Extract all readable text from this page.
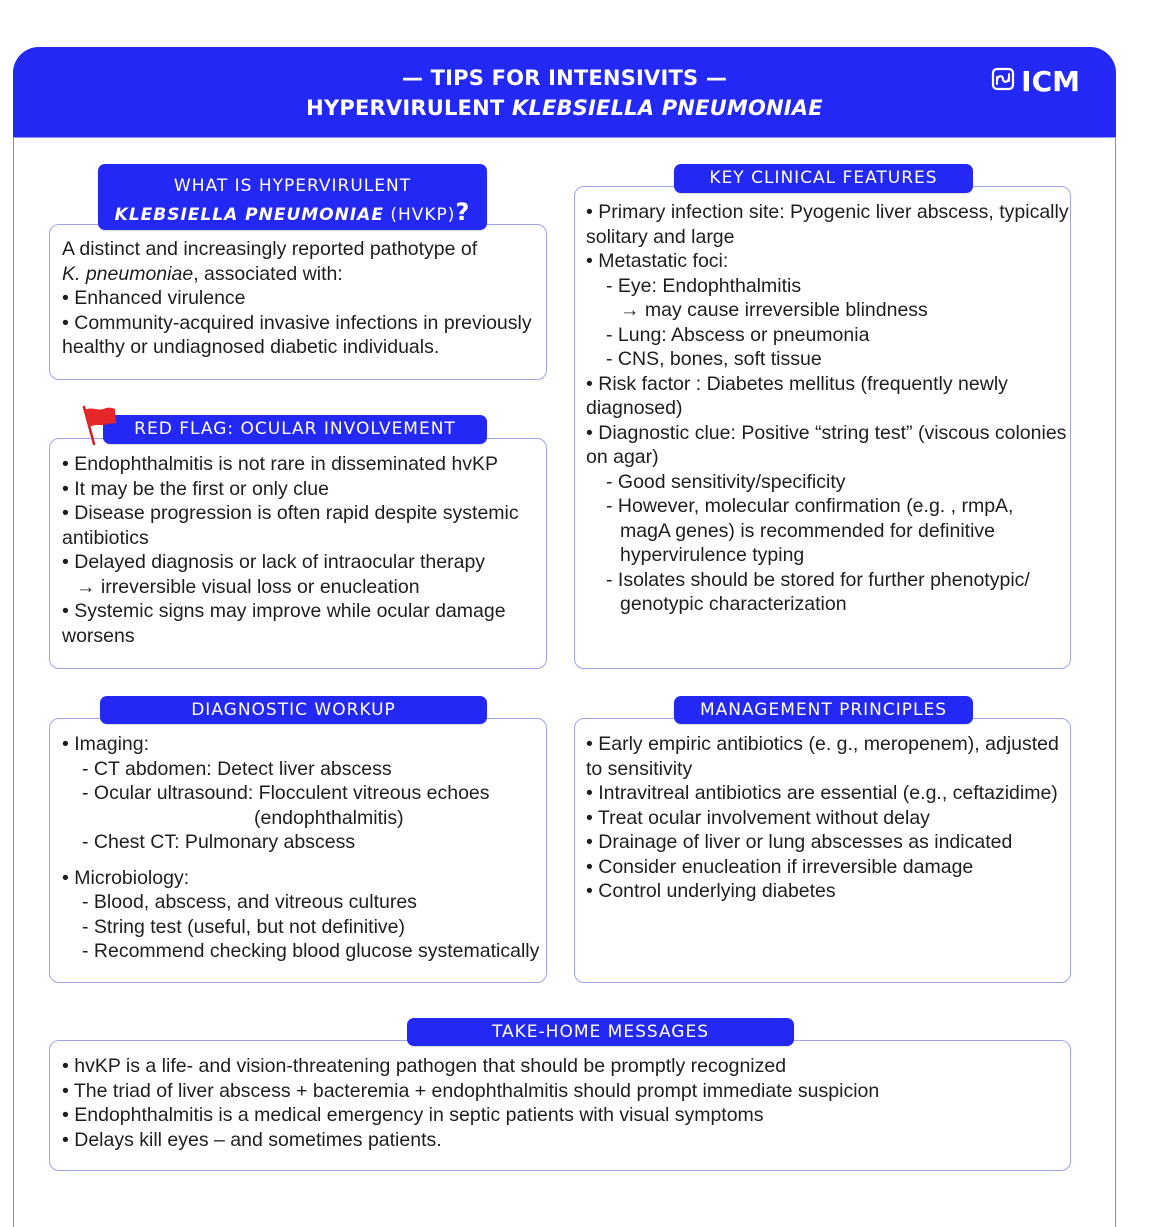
— TIPS FOR INTENSIVITS —
HYPERVIRULENT KLEBSIELLA PNEUMONIAE
ICM
WHAT IS HYPERVIRULENT
KLEBSIELLA PNEUMONIAE (HVKP)?
A distinct and increasingly reported pathotype of
K. pneumoniae, associated with:
• Enhanced virulence
• Community-acquired invasive infections in previously
healthy or undiagnosed diabetic individuals.
RED FLAG: OCULAR INVOLVEMENT
• Endophthalmitis is not rare in disseminated hvKP
• It may be the first or only clue
• Disease progression is often rapid despite systemic
antibiotics
• Delayed diagnosis or lack of intraocular therapy
→ irreversible visual loss or enucleation
• Systemic signs may improve while ocular damage
worsens
KEY CLINICAL FEATURES
• Primary infection site: Pyogenic liver abscess, typically
solitary and large
• Metastatic foci:
- Eye: Endophthalmitis
→ may cause irreversible blindness
- Lung: Abscess or pneumonia
- CNS, bones, soft tissue
• Risk factor : Diabetes mellitus (frequently newly
diagnosed)
• Diagnostic clue: Positive “string test” (viscous colonies
on agar)
- Good sensitivity/specificity
- However, molecular confirmation (e.g. , rmpA,
magA genes) is recommended for definitive
hypervirulence typing
- Isolates should be stored for further phenotypic/
genotypic characterization
DIAGNOSTIC WORKUP
• Imaging:
- CT abdomen: Detect liver abscess
- Ocular ultrasound: Flocculent vitreous echoes
(endophthalmitis)
- Chest CT: Pulmonary abscess
• Microbiology:
- Blood, abscess, and vitreous cultures
- String test (useful, but not definitive)
- Recommend checking blood glucose systematically
MANAGEMENT PRINCIPLES
• Early empiric antibiotics (e. g., meropenem), adjusted
to sensitivity
• Intravitreal antibiotics are essential (e.g., ceftazidime)
• Treat ocular involvement without delay
• Drainage of liver or lung abscesses as indicated
• Consider enucleation if irreversible damage
• Control underlying diabetes
TAKE-HOME MESSAGES
• hvKP is a life- and vision-threatening pathogen that should be promptly recognized
• The triad of liver abscess + bacteremia + endophthalmitis should prompt immediate suspicion
• Endophthalmitis is a medical emergency in septic patients with visual symptoms
• Delays kill eyes – and sometimes patients.
